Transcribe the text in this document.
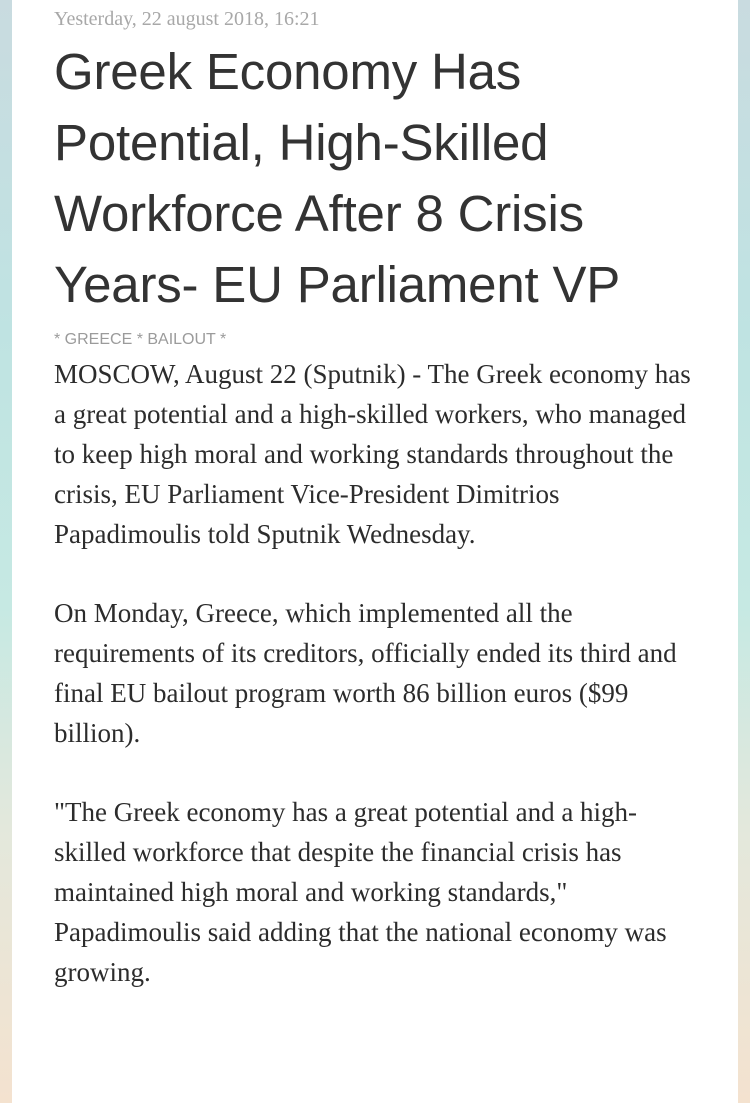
Yesterday, 22 august 2018, 16:21
Greek Economy Has Potential, High-Skilled Workforce After 8 Crisis Years- EU Parliament VP
* GREECE * BAILOUT *

MOSCOW, August 22 (Sputnik) - The Greek economy has a great potential and a high-skilled workers, who managed to keep high moral and working standards throughout the crisis, EU Parliament Vice-President Dimitrios Papadimoulis told Sputnik Wednesday.

On Monday, Greece, which implemented all the requirements of its creditors, officially ended its third and final EU bailout program worth 86 billion euros ($99 billion).

"The Greek economy has a great potential and a high-skilled workforce that despite the financial crisis has maintained high moral and working standards," Papadimoulis said adding that the national economy was growing.
